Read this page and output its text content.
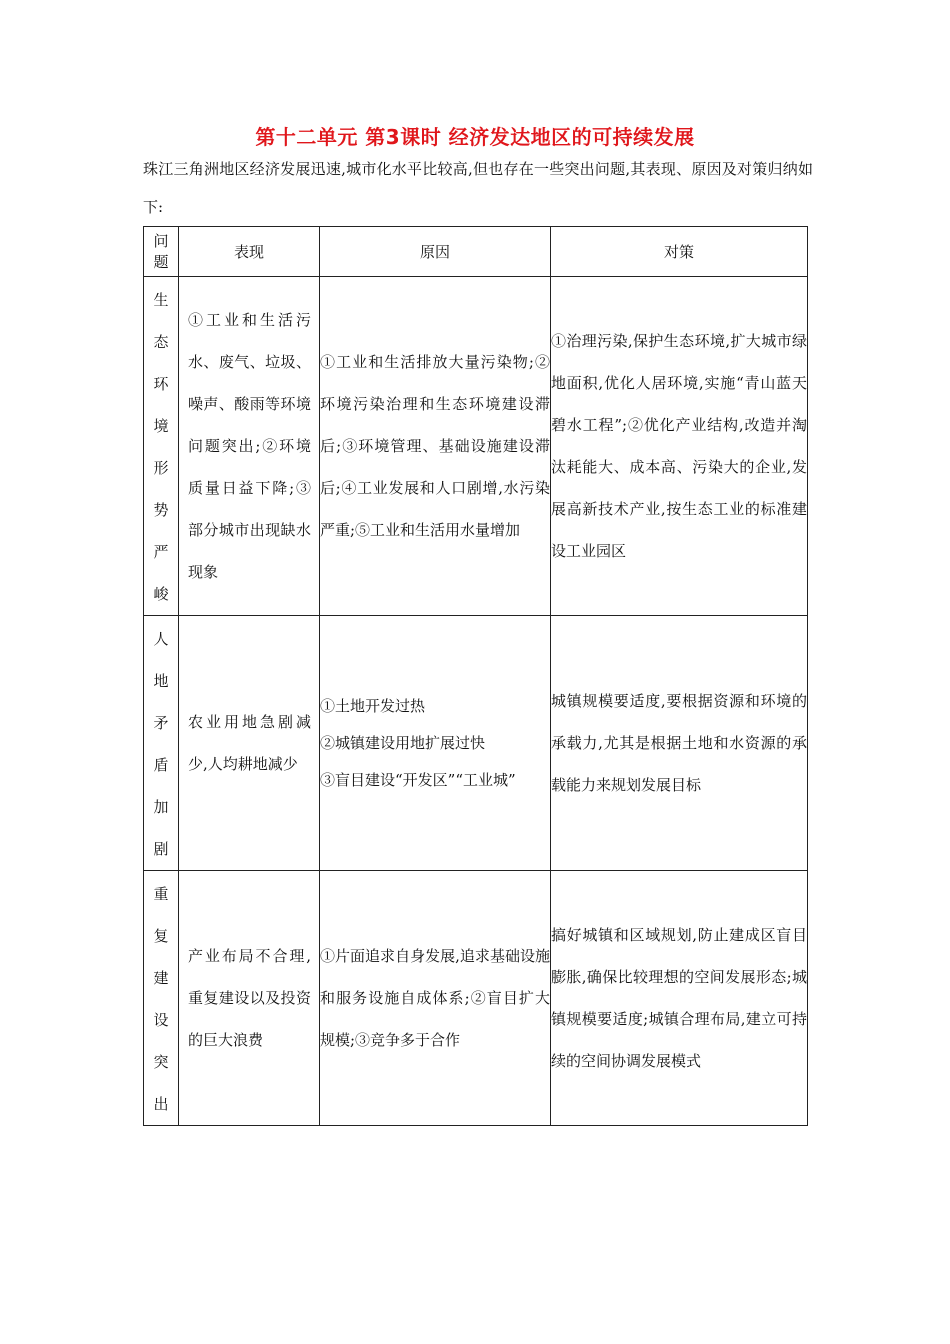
第十二单元 第3课时 经济发达地区的可持续发展
珠江三角洲地区经济发展迅速,城市化水平比较高,但也存在一些突出问题,其表现、原因及对策归纳如下:
问题	表现	原因	对策

生态环境形势严峻	①工业和生活污水、废气、垃圾、噪声、酸雨等环境问题突出;②环境质量日益下降;③部分城市出现缺水现象	①工业和生活排放大量污染物;②环境污染治理和生态环境建设滞后;③环境管理、基础设施建设滞后;④工业发展和人口剧增,水污染严重;⑤工业和生活用水量增加	①治理污染,保护生态环境,扩大城市绿地面积,优化人居环境,实施“青山蓝天碧水工程”;②优化产业结构,改造并淘汰耗能大、成本高、污染大的企业,发展高新技术产业,按生态工业的标准建设工业园区

人地矛盾加剧	农业用地急剧减少,人均耕地减少	①土地开发过热
②城镇建设用地扩展过快
③盲目建设“开发区”“工业城”	城镇规模要适度,要根据资源和环境的承载力,尤其是根据土地和水资源的承载能力来规划发展目标

重复建设突出	产业布局不合理,重复建设以及投资的巨大浪费	①片面追求自身发展,追求基础设施和服务设施自成体系;②盲目扩大规模;③竞争多于合作	搞好城镇和区域规划,防止建成区盲目膨胀,确保比较理想的空间发展形态;城镇规模要适度;城镇合理布局,建立可持续的空间协调发展模式
